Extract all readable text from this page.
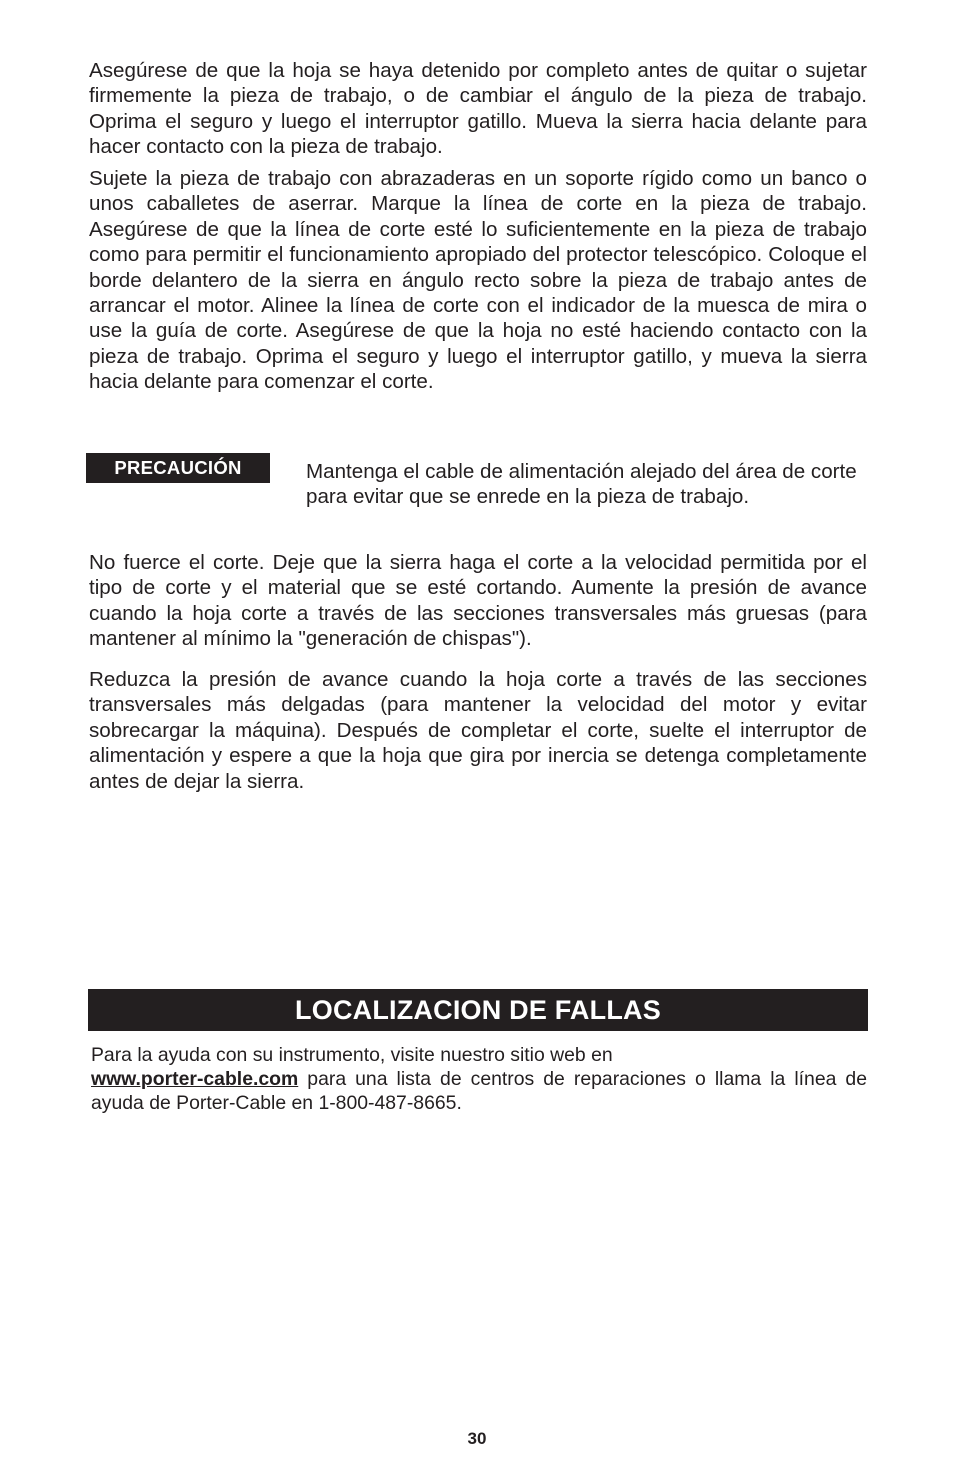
Asegúrese de que la hoja se haya detenido por completo antes de quitar o sujetar firmemente la pieza de trabajo, o de cambiar el ángulo de la pieza de trabajo. Oprima el seguro y luego el interruptor gatillo. Mueva la sierra hacia delante para hacer contacto con la pieza de trabajo.

Sujete la pieza de trabajo con abrazaderas en un soporte rígido como un banco o unos caballetes de aserrar. Marque la línea de corte en la pieza de trabajo. Asegúrese de que la línea de corte esté lo suficientemente en la pieza de trabajo como para permitir el funcionamiento apropiado del protector telescópico. Coloque el borde delantero de la sierra en ángulo recto sobre la pieza de trabajo antes de arrancar el motor. Alinee la línea de corte con el indicador de la muesca de mira o use la guía de corte. Asegúrese de que la hoja no esté haciendo contacto con la pieza de trabajo. Oprima el seguro y luego el interruptor gatillo, y mueva la sierra hacia delante para comenzar el corte.

PRECAUCIÓN	Mantenga el cable de alimentación alejado del área de corte para evitar que se enrede en la pieza de trabajo.

No fuerce el corte. Deje que la sierra haga el corte a la velocidad permitida por el tipo de corte y el material que se esté cortando. Aumente la presión de avance cuando la hoja corte a través de las secciones transversales más gruesas (para mantener al mínimo la "generación de chispas").

Reduzca la presión de avance cuando la hoja corte a través de las secciones transversales más delgadas (para mantener la velocidad del motor y evitar sobrecargar la máquina). Después de completar el corte, suelte el interruptor de alimentación y espere a que la hoja que gira por inercia se detenga completamente antes de dejar la sierra.

LOCALIZACION DE FALLAS

Para la ayuda con su instrumento, visite nuestro sitio web en

www.porter-cable.com para una lista de centros de reparaciones o llama la línea de ayuda de Porter-Cable en 1-800-487-8665.

30
